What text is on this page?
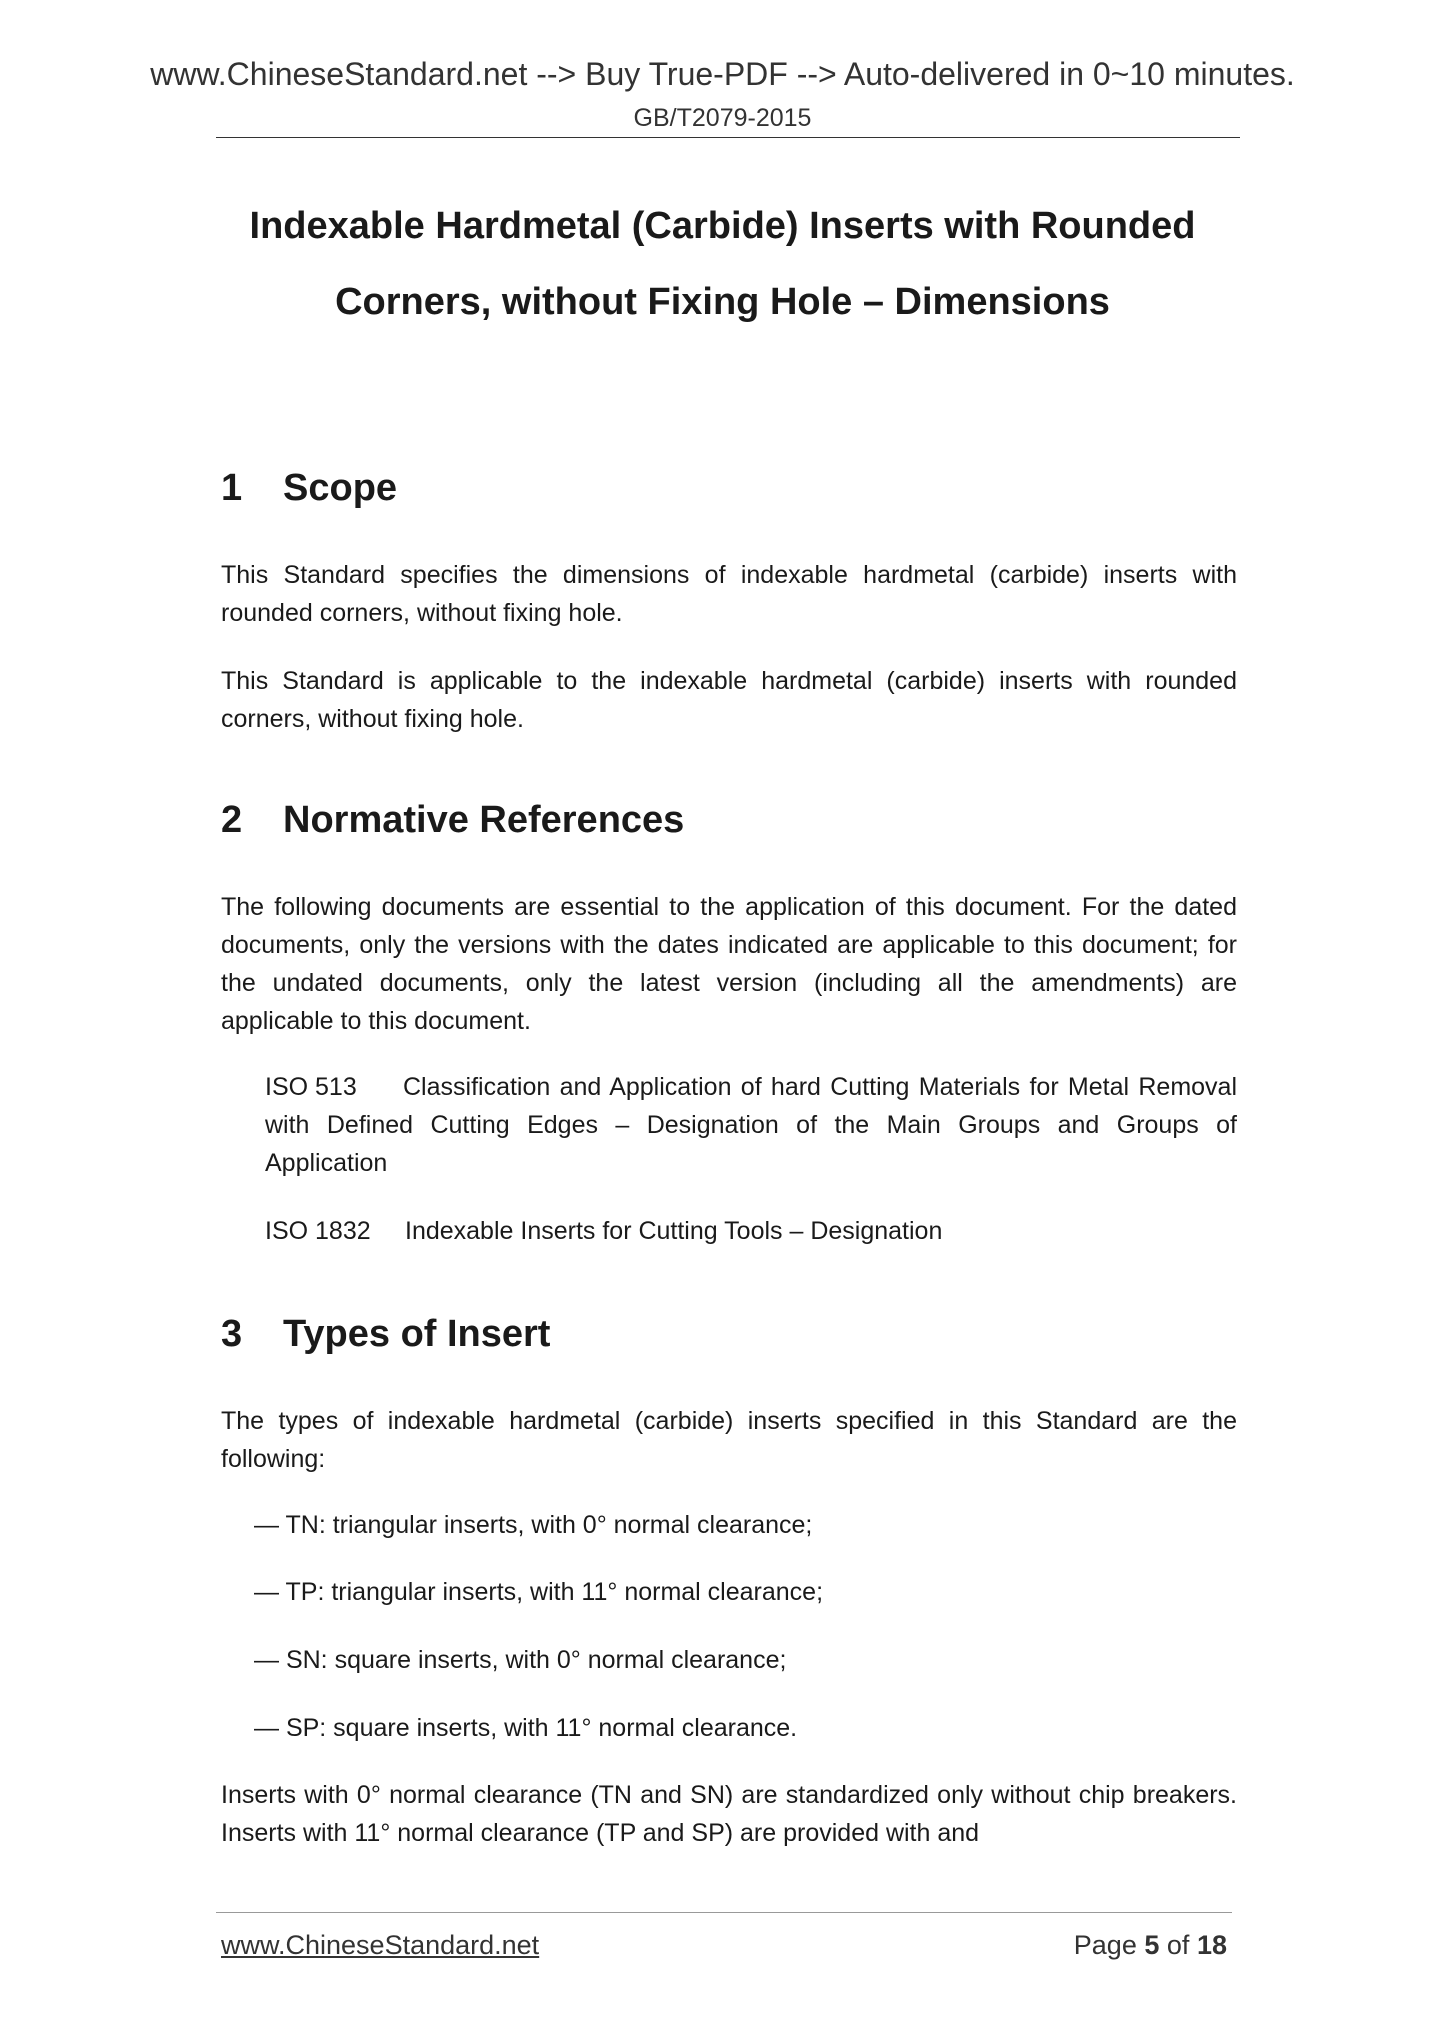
www.ChineseStandard.net --> Buy True-PDF --> Auto-delivered in 0~10 minutes.
GB/T2079-2015
Indexable Hardmetal (Carbide) Inserts with Rounded
Corners, without Fixing Hole – Dimensions
1 Scope

This Standard specifies the dimensions of indexable hardmetal (carbide) inserts with rounded corners, without fixing hole.

This Standard is applicable to the indexable hardmetal (carbide) inserts with rounded corners, without fixing hole.

2 Normative References

The following documents are essential to the application of this document. For the dated documents, only the versions with the dates indicated are applicable to this document; for the undated documents, only the latest version (including all the amendments) are applicable to this document.

ISO 513 Classification and Application of hard Cutting Materials for Metal Removal with Defined Cutting Edges – Designation of the Main Groups and Groups of Application

ISO 1832 Indexable Inserts for Cutting Tools – Designation

3 Types of Insert

The types of indexable hardmetal (carbide) inserts specified in this Standard are the following:

— TN: triangular inserts, with 0° normal clearance;

— TP: triangular inserts, with 11° normal clearance;

— SN: square inserts, with 0° normal clearance;

— SP: square inserts, with 11° normal clearance.

Inserts with 0° normal clearance (TN and SN) are standardized only without chip breakers. Inserts with 11° normal clearance (TP and SP) are provided with and

www.ChineseStandard.net	Page 5 of 18
